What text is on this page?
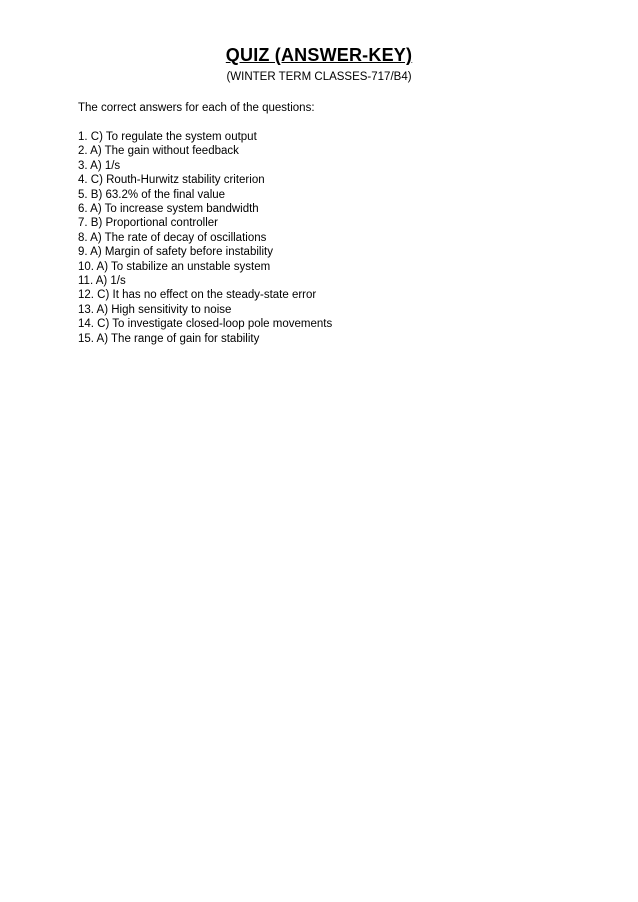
QUIZ (ANSWER-KEY)
(WINTER TERM CLASSES-717/B4)
The correct answers for each of the questions:
1. C) To regulate the system output
2. A) The gain without feedback
3. A) 1/s
4. C) Routh-Hurwitz stability criterion
5. B) 63.2% of the final value
6. A) To increase system bandwidth
7. B) Proportional controller
8. A) The rate of decay of oscillations
9. A) Margin of safety before instability
10. A) To stabilize an unstable system
11. A) 1/s
12. C) It has no effect on the steady-state error
13. A) High sensitivity to noise
14. C) To investigate closed-loop pole movements
15. A) The range of gain for stability
